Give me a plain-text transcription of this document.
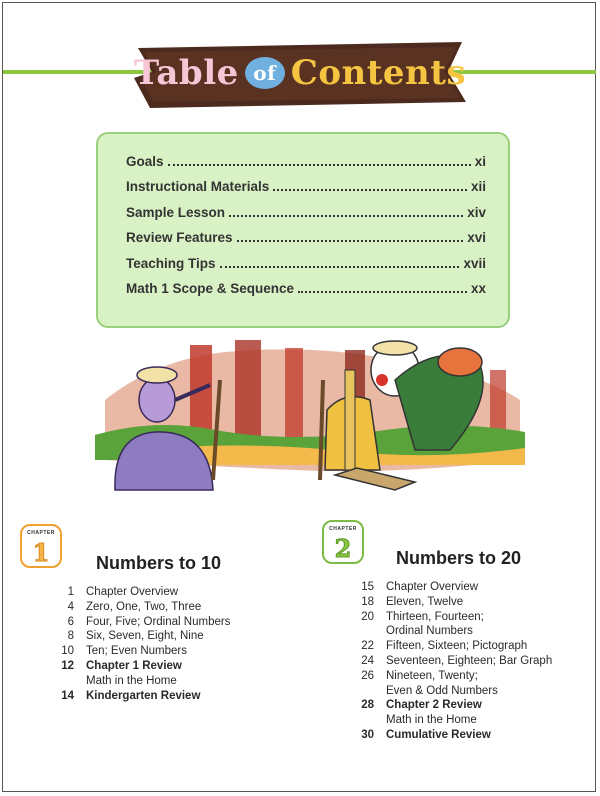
Table of Contents
Goals	xi
Instructional Materials	xii
Sample Lesson	xiv
Review Features	xvi
Teaching Tips	xvii
Math 1 Scope & Sequence	xx
CHAPTER
1	Numbers to 10
1 Chapter Overview
4 Zero, One, Two, Three
6 Four, Five; Ordinal Numbers
8 Six, Seven, Eight, Nine
10 Ten; Even Numbers
12 Chapter 1 Review
Math in the Home
14 Kindergarten Review
CHAPTER
2	Numbers to 20
15 Chapter Overview
18 Eleven, Twelve
20 Thirteen, Fourteen;
Ordinal Numbers
22 Fifteen, Sixteen; Pictograph
24 Seventeen, Eighteen; Bar Graph
26 Nineteen, Twenty;
Even & Odd Numbers
28 Chapter 2 Review
Math in the Home
30 Cumulative Review
